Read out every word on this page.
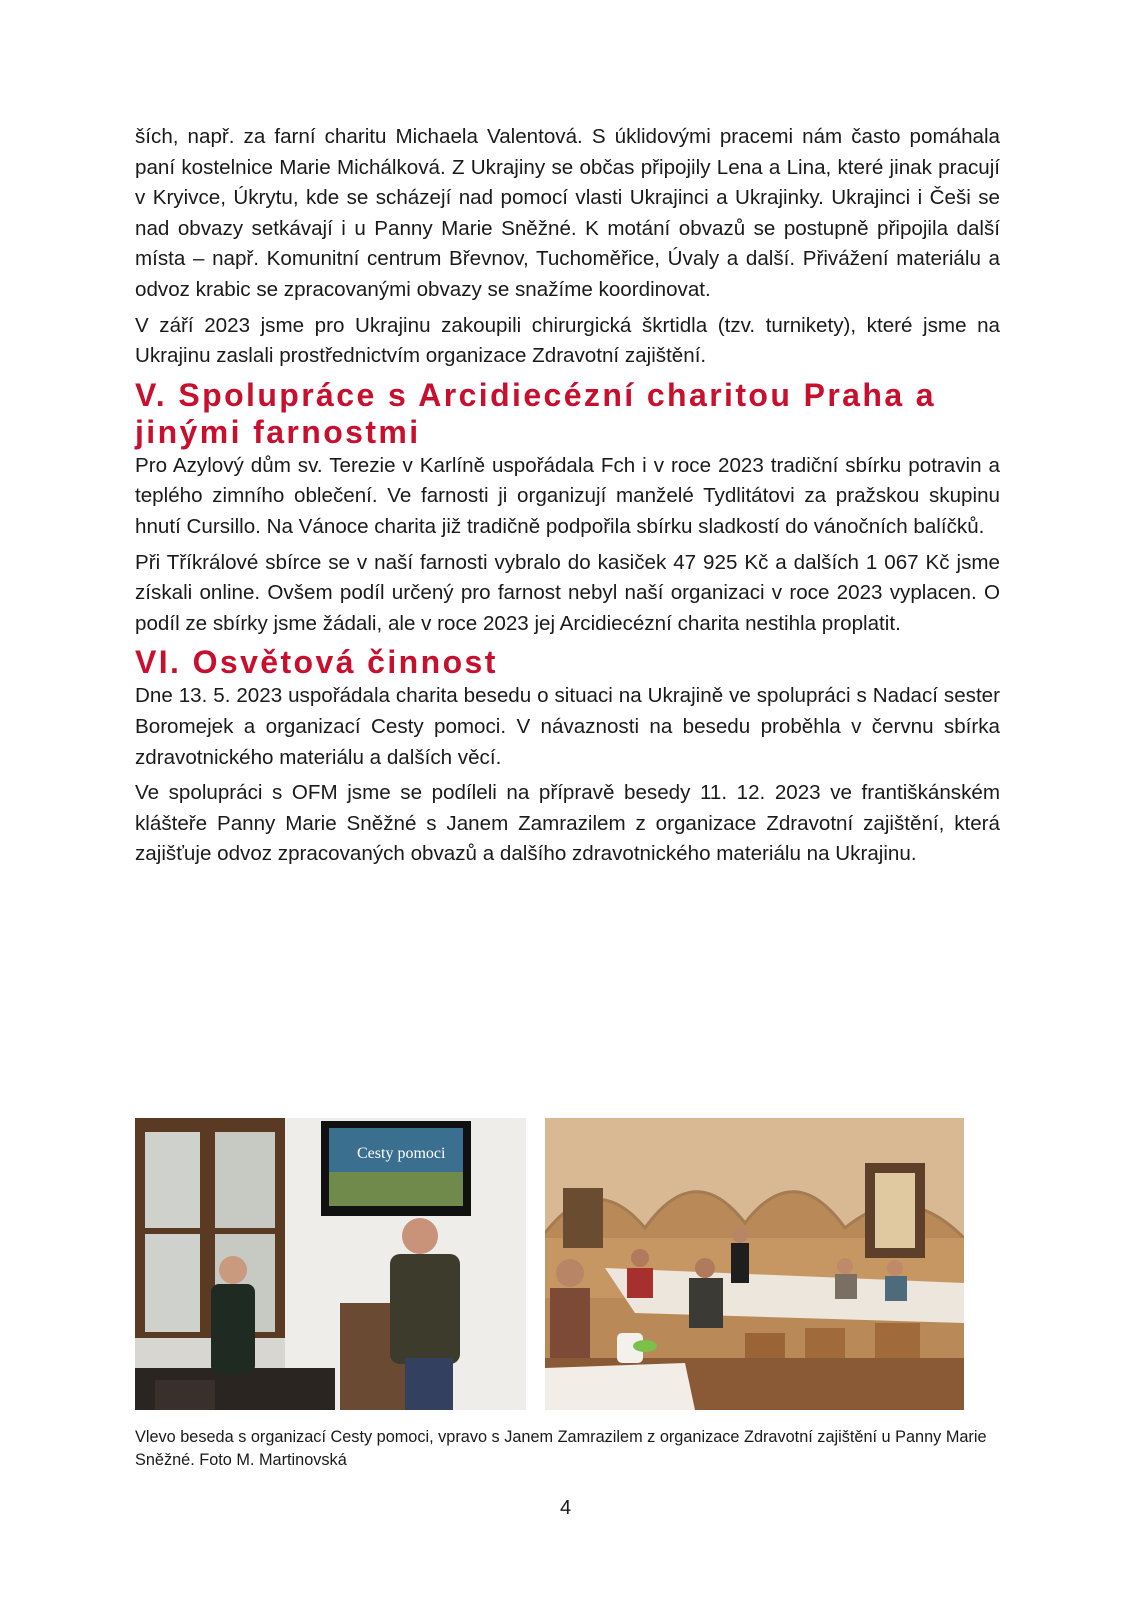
ších, např. za farní charitu Michaela Valentová. S úklidovými pracemi nám často pomáhala paní kostelnice Marie Michálková. Z Ukrajiny se občas připojily Lena a Lina, které jinak pracují v Kryivce, Úkrytu, kde se scházejí nad pomocí vlasti Ukrajinci a Ukrajinky. Ukrajinci i Češi se nad obvazy setkávají i u Panny Marie Sněžné. K motání obvazů se postupně připojila další místa – např. Komunitní centrum Břevnov, Tuchoměřice, Úvaly a další. Přivážení materiálu a odvoz krabic se zpracovanými obvazy se snažíme koordinovat.

V září 2023 jsme pro Ukrajinu zakoupili chirurgická škrtidla (tzv. turnikety), které jsme na Ukrajinu zaslali prostřednictvím organizace Zdravotní zajištění.

V. Spolupráce s Arcidiecézní charitou Praha a jinými farnostmi

Pro Azylový dům sv. Terezie v Karlíně uspořádala Fch i v roce 2023 tradiční sbírku potravin a teplého zimního oblečení. Ve farnosti ji organizují manželé Tydlitátovi za pražskou skupinu hnutí Cursillo. Na Vánoce charita již tradičně podpořila sbírku sladkostí do vánočních balíčků.

Při Tříkrálové sbírce se v naší farnosti vybralo do kasiček 47 925 Kč a dalších 1 067 Kč jsme získali online. Ovšem podíl určený pro farnost nebyl naší organizaci v roce 2023 vyplacen. O podíl ze sbírky jsme žádali, ale v roce 2023 jej Arcidiecézní charita nestihla proplatit.

VI. Osvětová činnost

Dne 13. 5. 2023 uspořádala charita besedu o situaci na Ukrajině ve spolupráci s Nadací sester Boromejek a organizací Cesty pomoci. V návaznosti na besedu proběhla v červnu sbírka zdravotnického materiálu a dalších věcí.

Ve spolupráci s OFM jsme se podíleli na přípravě besedy 11. 12. 2023 ve františkánském klášteře Panny Marie Sněžné s Janem Zamrazilem z organizace Zdravotní zajištění, která zajišťuje odvoz zpracovaných obvazů a dalšího zdravotnického materiálu na Ukrajinu.

Cesty pomoci
Vlevo beseda s organizací Cesty pomoci, vpravo s Janem Zamrazilem z organizace Zdravotní zajištění u Panny Marie Sněžné. Foto M. Martinovská
4
